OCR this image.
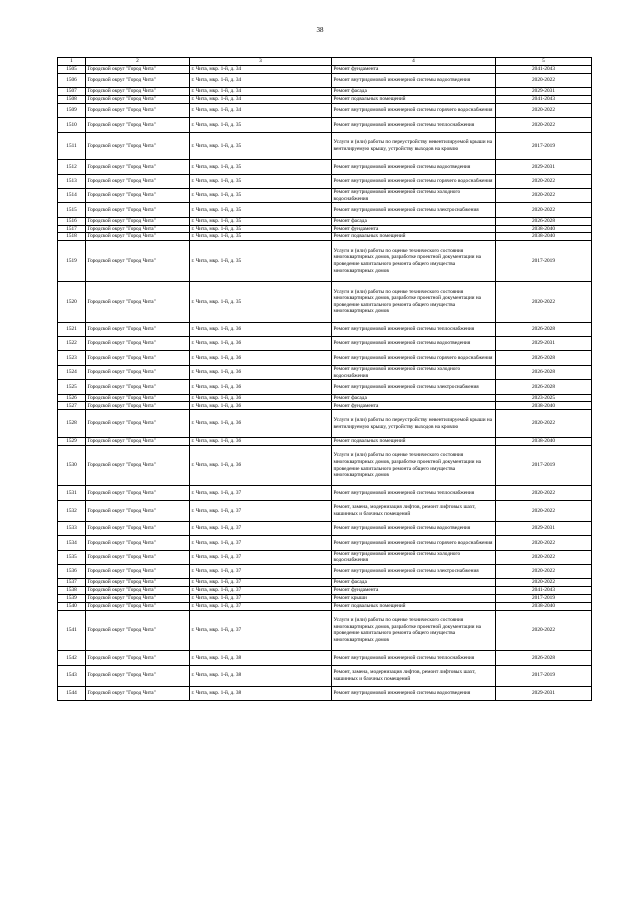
38
1	2	3	4	5
1505	Городской округ "Город Чита"	г. Чита, мкр. 1-й, д. 34	Ремонт фундамента	2041-2043
1506	Городской округ "Город Чита"	г. Чита, мкр. 1-й, д. 34	Ремонт внутридомовой инженерной системы водоотведения	2020-2022
1507	Городской округ "Город Чита"	г. Чита, мкр. 1-й, д. 34	Ремонт фасада	2029-2031
1508	Городской округ "Город Чита"	г. Чита, мкр. 1-й, д. 34	Ремонт подвальных помещений	2041-2043
1509	Городской округ "Город Чита"	г. Чита, мкр. 1-й, д. 34	Ремонт внутридомовой инженерной системы горячего водоснабжения	2020-2022
1510	Городской округ "Город Чита"	г. Чита, мкр. 1-й, д. 35	Ремонт внутридомовой инженерной системы теплоснабжения	2020-2022
1511	Городской округ "Город Чита"	г. Чита, мкр. 1-й, д. 35	Услуги и (или) работы по переустройству невентилируемой крыши на вентилируемую крышу, устройству выходов на кровлю	2017-2019
1512	Городской округ "Город Чита"	г. Чита, мкр. 1-й, д. 35	Ремонт внутридомовой инженерной системы водоотведения	2029-2031
1513	Городской округ "Город Чита"	г. Чита, мкр. 1-й, д. 35	Ремонт внутридомовой инженерной системы горячего водоснабжения	2020-2022
1514	Городской округ "Город Чита"	г. Чита, мкр. 1-й, д. 35	Ремонт внутридомовой инженерной системы холодного водоснабжения	2020-2022
1515	Городской округ "Город Чита"	г. Чита, мкр. 1-й, д. 35	Ремонт внутридомовой инженерной системы электроснабжения	2020-2022
1516	Городской округ "Город Чита"	г. Чита, мкр. 1-й, д. 35	Ремонт фасада	2026-2028
1517	Городской округ "Город Чита"	г. Чита, мкр. 1-й, д. 35	Ремонт фундамента	2038-2040
1518	Городской округ "Город Чита"	г. Чита, мкр. 1-й, д. 35	Ремонт подвальных помещений	2038-2040
1519	Городской округ "Город Чита"	г. Чита, мкр. 1-й, д. 35	Услуги и (или) работы по оценке технического состояния многоквартирных домов, разработке проектной документации на проведение капитального ремонта общего имущества многоквартирных домов	2017-2019
1520	Городской округ "Город Чита"	г. Чита, мкр. 1-й, д. 35	Услуги и (или) работы по оценке технического состояния многоквартирных домов, разработке проектной документации на проведение капитального ремонта общего имущества многоквартирных домов	2020-2022
1521	Городской округ "Город Чита"	г. Чита, мкр. 1-й, д. 36	Ремонт внутридомовой инженерной системы теплоснабжения	2026-2028
1522	Городской округ "Город Чита"	г. Чита, мкр. 1-й, д. 36	Ремонт внутридомовой инженерной системы водоотведения	2029-2031
1523	Городской округ "Город Чита"	г. Чита, мкр. 1-й, д. 36	Ремонт внутридомовой инженерной системы горячего водоснабжения	2026-2028
1524	Городской округ "Город Чита"	г. Чита, мкр. 1-й, д. 36	Ремонт внутридомовой инженерной системы холодного водоснабжения	2026-2028
1525	Городской округ "Город Чита"	г. Чита, мкр. 1-й, д. 36	Ремонт внутридомовой инженерной системы электроснабжения	2026-2028
1526	Городской округ "Город Чита"	г. Чита, мкр. 1-й, д. 36	Ремонт фасада	2023-2025
1527	Городской округ "Город Чита"	г. Чита, мкр. 1-й, д. 36	Ремонт фундамента	2038-2040
1528	Городской округ "Город Чита"	г. Чита, мкр. 1-й, д. 36	Услуги и (или) работы по переустройству невентилируемой крыши на вентилируемую крышу, устройству выходов на кровлю	2020-2022
1529	Городской округ "Город Чита"	г. Чита, мкр. 1-й, д. 36	Ремонт подвальных помещений	2038-2040
1530	Городской округ "Город Чита"	г. Чита, мкр. 1-й, д. 36	Услуги и (или) работы по оценке технического состояния многоквартирных домов, разработке проектной документации на проведение капитального ремонта общего имущества многоквартирных домов	2017-2019
1531	Городской округ "Город Чита"	г. Чита, мкр. 1-й, д. 37	Ремонт внутридомовой инженерной системы теплоснабжения	2020-2022
1532	Городской округ "Город Чита"	г. Чита, мкр. 1-й, д. 37	Ремонт, замена, модернизация лифтов, ремонт лифтовых шахт, машинных и блочных помещений	2020-2022
1533	Городской округ "Город Чита"	г. Чита, мкр. 1-й, д. 37	Ремонт внутридомовой инженерной системы водоотведения	2029-2031
1534	Городской округ "Город Чита"	г. Чита, мкр. 1-й, д. 37	Ремонт внутридомовой инженерной системы горячего водоснабжения	2020-2022
1535	Городской округ "Город Чита"	г. Чита, мкр. 1-й, д. 37	Ремонт внутридомовой инженерной системы холодного водоснабжения	2020-2022
1536	Городской округ "Город Чита"	г. Чита, мкр. 1-й, д. 37	Ремонт внутридомовой инженерной системы электроснабжения	2020-2022
1537	Городской округ "Город Чита"	г. Чита, мкр. 1-й, д. 37	Ремонт фасада	2020-2022
1538	Городской округ "Город Чита"	г. Чита, мкр. 1-й, д. 37	Ремонт фундамента	2041-2043
1539	Городской округ "Город Чита"	г. Чита, мкр. 1-й, д. 37	Ремонт крыши	2017-2019
1540	Городской округ "Город Чита"	г. Чита, мкр. 1-й, д. 37	Ремонт подвальных помещений	2038-2040
1541	Городской округ "Город Чита"	г. Чита, мкр. 1-й, д. 37	Услуги и (или) работы по оценке технического состояния многоквартирных домов, разработке проектной документации на проведение капитального ремонта общего имущества многоквартирных домов	2020-2022
1542	Городской округ "Город Чита"	г. Чита, мкр. 1-й, д. 38	Ремонт внутридомовой инженерной системы теплоснабжения	2026-2028
1543	Городской округ "Город Чита"	г. Чита, мкр. 1-й, д. 38	Ремонт, замена, модернизация лифтов, ремонт лифтовых шахт, машинных и блочных помещений	2017-2019
1544	Городской округ "Город Чита"	г. Чита, мкр. 1-й, д. 38	Ремонт внутридомовой инженерной системы водоотведения	2029-2031
